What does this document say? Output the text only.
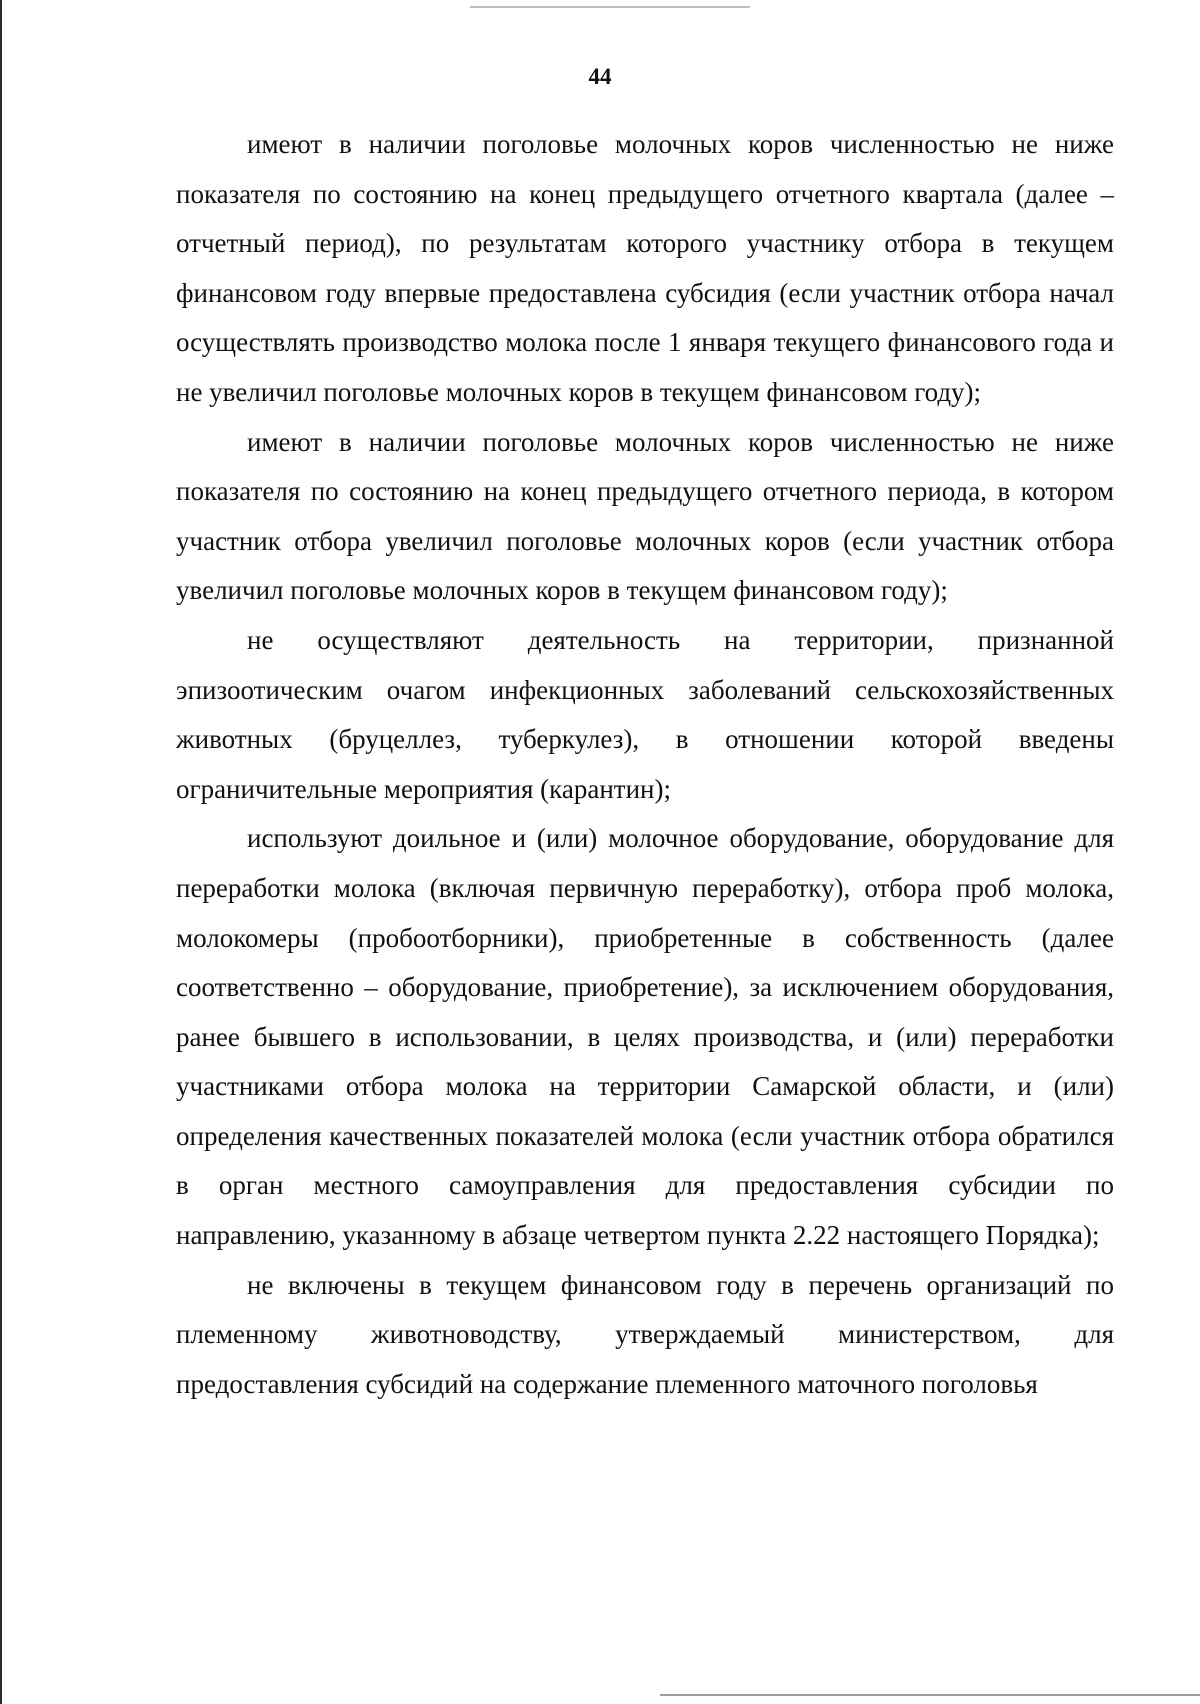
44

имеют в наличии поголовье молочных коров численностью не ниже показателя по состоянию на конец предыдущего отчетного квартала (далее – отчетный период), по результатам которого участнику отбора в текущем финансовом году впервые предоставлена субсидия (если участник отбора начал осуществлять производство молока после 1 января текущего финансового года и не увеличил поголовье молочных коров в текущем финансовом году);

имеют в наличии поголовье молочных коров численностью не ниже показателя по состоянию на конец предыдущего отчетного периода, в котором участник отбора увеличил поголовье молочных коров (если участник отбора увеличил поголовье молочных коров в текущем финансовом году);

не осуществляют деятельность на территории, признанной эпизоотическим очагом инфекционных заболеваний сельскохозяйственных животных (бруцеллез, туберкулез), в отношении которой введены ограничительные мероприятия (карантин);

используют доильное и (или) молочное оборудование, оборудование для переработки молока (включая первичную переработку), отбора проб молока, молокомеры (пробоотборники), приобретенные в собственность (далее соответственно – оборудование, приобретение), за исключением оборудования, ранее бывшего в использовании, в целях производства, и (или) переработки участниками отбора молока на территории Самарской области, и (или) определения качественных показателей молока (если участник отбора обратился в орган местного самоуправления для предоставления субсидии по направлению, указанному в абзаце четвертом пункта 2.22 настоящего Порядка);

не включены в текущем финансовом году в перечень организаций по племенному животноводству, утверждаемый министерством, для предоставления субсидий на содержание племенного маточного поголовья
